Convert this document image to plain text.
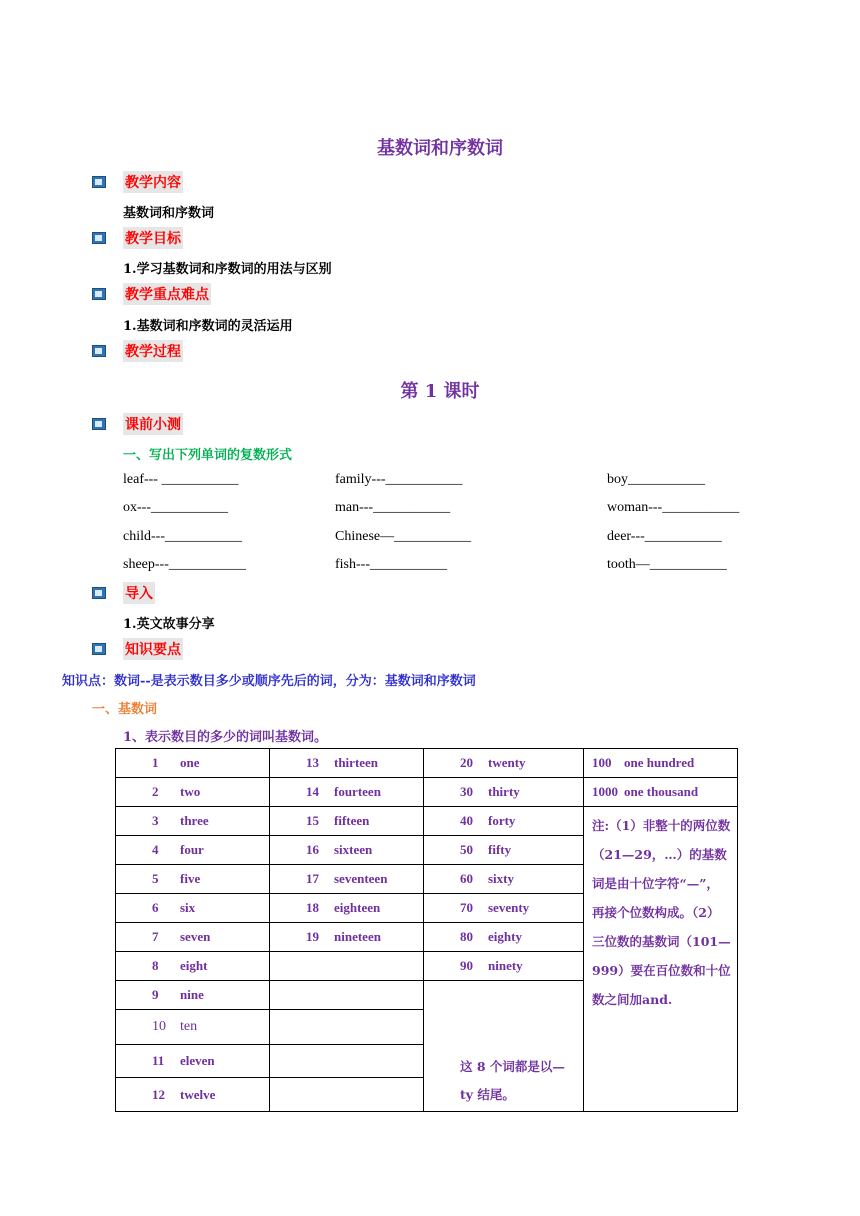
基数词和序数词
教学内容
基数词和序数词
教学目标
1.学习基数词和序数词的用法与区别
教学重点难点
1.基数词和序数词的灵活运用
教学过程
第 1 课时
课前小测
一、写出下列单词的复数形式
leaf--- ___________	family---___________	boy___________
ox---___________	man---___________	woman---___________
child---___________	Chinese—___________	deer---___________
sheep---___________	fish---___________	tooth—___________
导入
1.英文故事分享
知识要点
知识点：数词--是表示数目多少或顺序先后的词，分为：基数词和序数词
一、基数词
1、表示数目的多少的词叫基数词。
1 one	13 thirteen	20 twenty	100 one hundred
2 two	14 fourteen	30 thirty	1000 one thousand
3 three	15 fifteen	40 forty	注:（1）非整十的两位数（21—29，…）的基数词是由十位字符“—”，再接个位数构成。（2）三位数的基数词（101—999）要在百位数和十位数之间加and.
4 four	16 sixteen	50 fifty	
5 five	17 seventeen	60 sixty	
6 six	18 eighteen	70 seventy	
7 seven	19 nineteen	80 eighty	
8 eight		90 ninety	
9 nine		这 8 个词都是以—ty 结尾。	
10 ten			
11 eleven			
12 twelve			
